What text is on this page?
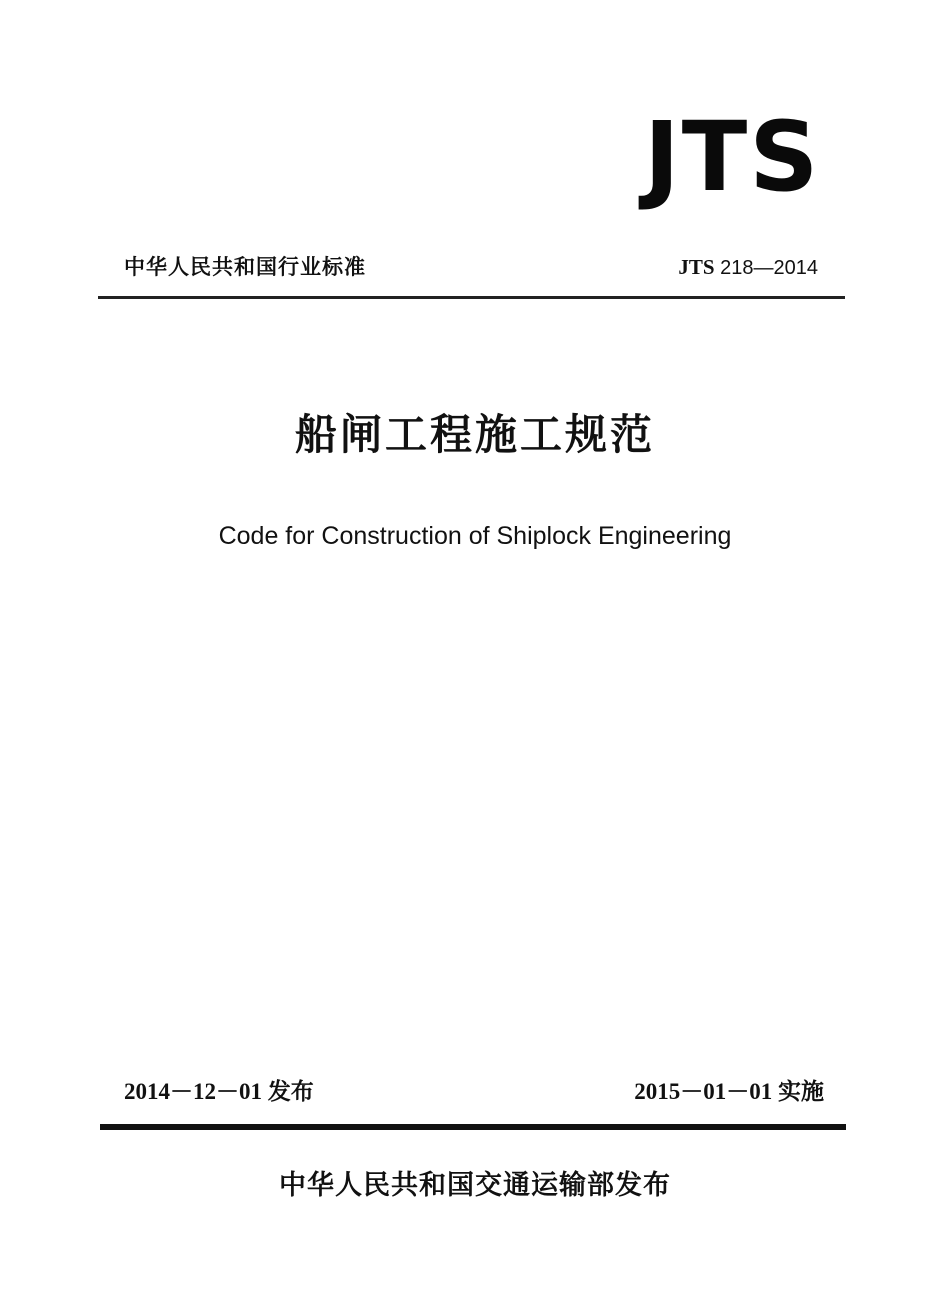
JTS
中华人民共和国行业标准	JTS 218—2014
船闸工程施工规范
Code for Construction of Shiplock Engineering
2014－12－01 发布	2015－01－01 实施
中华人民共和国交通运输部发布
